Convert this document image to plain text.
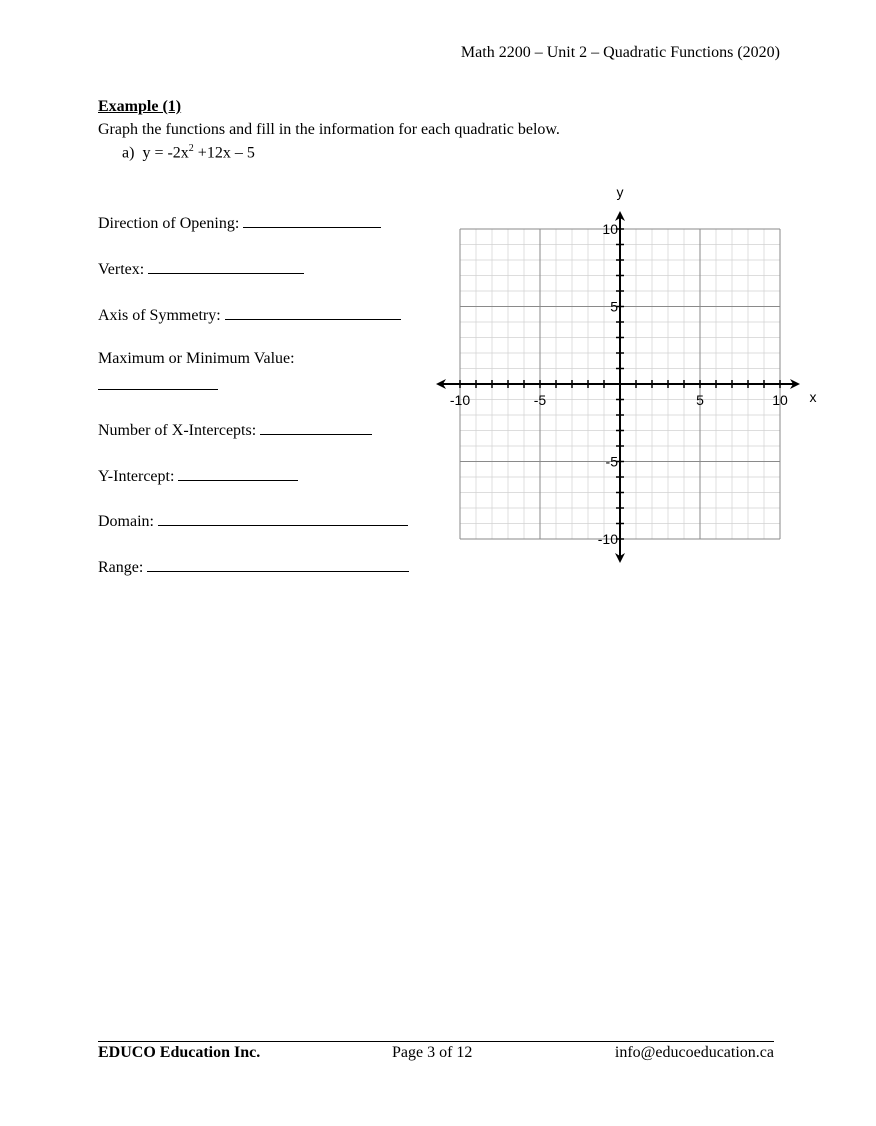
Math 2200 – Unit 2 – Quadratic Functions (2020)
Example (1)
Graph the functions and fill in the information for each quadratic below.
a) $y = -2x^2 +12x - 5$
Direction of Opening:
Vertex:
Axis of Symmetry:
Maximum or Minimum Value:
Number of X-Intercepts:
Y-Intercept:
Domain:
Range:
-10	-5	5	10
10
5
-5
-10
x
y
EDUCO Education Inc.	Page 3 of 12	info@educoeducation.ca
